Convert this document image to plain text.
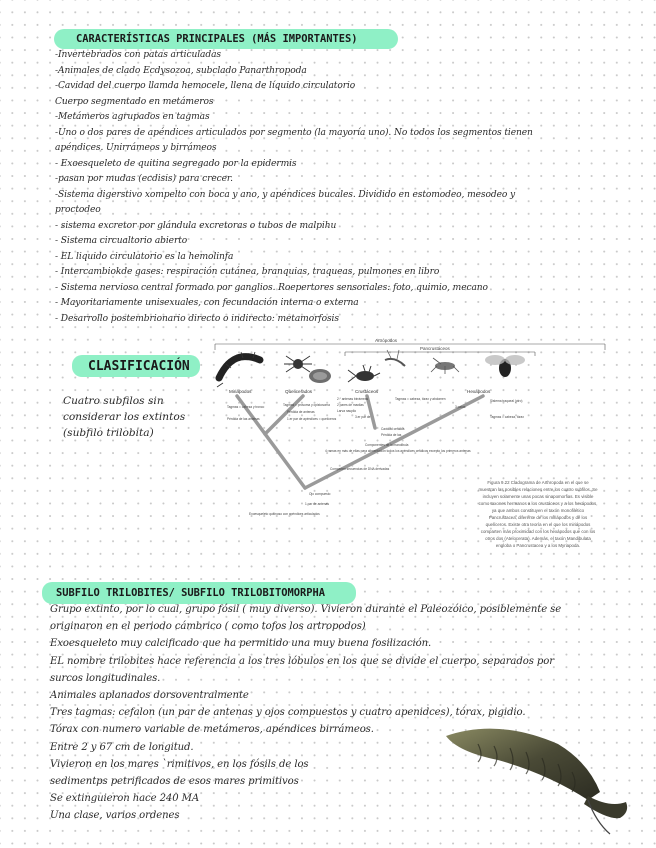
CARACTERÍSTICAS PRINCIPALES (MÁS IMPORTANTES)
-Invertebrados con patas articuladas
-Animales de clado Ecdysozoa, subclado Panarthropoda
-Cavidad del cuerpo llamda hemocele, llena de líquido circulatorio
Cuerpo segmentado en metámeros
-Metámeros agrupados en tagmas
-Uno o dos pares de apéndices articulados por segmento (la mayoría uno). No todos los segmentos tienen
apéndices. Unirrámeos y birrámeos
- Exoesqueleto de quitina segregado por la epidermis
-pasan por mudas (ecdisis) para crecer.
-Sistema digerstivo xompelto con boca y ano, y apéndices bucales. Dividido en estomodeo, mesodeo y
proctodeo
- sistema excretor por glándula excretoras o tubos de malpihu
- Sistema circualtorio abierto
- EL liquido circulatorio es la hemolinfa
- Intercambiokde gases: respiración cutánea, branquias, traqueas, pulmones en libro
- Sistema nervioso central formado por ganglios. Roepertores sensoriales: foto, quimio, mecano
- Mayoritariamente unisexuales, con fecundación interna o externa
- Desarrollo postembrionario directo o indirecto: metamorfosis
CLASIFICACIÓN
Cuatro subfilos sin
considerar los extintos
(subfilo trilobita)
Artrópodos
Pancrustáceos
Miriápodos	Quelicerados	Crustáceos	Hexápodos
Tagmas = cabeza y tronco
Pérdida de las antenas
Tagmas = prosoma y opistosoma
Pérdida de antenas
1.er par de apéndices = quelíceros
2.º antenas birrámeas
2 pares de maxilas
Larva nauplio
3.er par de
Tagmas = cabeza, tórax y abdomen
3 patas
Sistema traqueal (otro)
Tagmas = cabeza, tórax
Cavidad cefálica
Pérdida de las
Componentes de la mandíbula
4 ramas en más de ellas para alimentación todos los apéndices cefálicos excepto los primeros antenas
Comparten secuencias de DNA derivadas
Ojo compuesto
1.par de antenas
Exoesqueleto quitinoso con apéndices articulados
Figura 9.22 Cladograma de Arthropoda en el que se
muestran las posibles relaciones entre los cuatro subfilos. Se
incluyen solamente unas pocas sinapomorfias. Es visible
como taxones hermanos a los crustáceos y a los hexápodos,
ya que ambos constituyen el taxón monofilético
Pancrustacea, diferente de los miriápodos y de los
quelíceros. Existe otra teoría en el que los miriápodos
comparten más proximidad con los hexápodos que con los
otros dos (Atelocerata). Además, el taxón Mandibulata
engloba o Pancrustacea y a los Myriapoda.
SUBFILO TRILOBITES/ SUBFILO TRILOBITOMORPHA
Grupo extinto, por lo cual, grupo fósil ( muy diverso). Vivieron durante el Paleozóico, posiblemente se
originaron en el periodo cámbrico ( como tofos los artropodos)
Exoesqueleto muy calcificado que ha permitido una muy buena fosilización.
EL nombre trilobites hace referencia a los tres lóbulos en los que se divide el cuerpo, separados por
surcos longitudinales.
Animales aplanados dorsoventralmente
Tres tagmas: cefalon (un par de antenas y ojos compuestos y cuatro apenidces), tórax, pigidio.
Tórax con numero variable de metámeros, apéndices birrámeos.
Entre 2 y 67 cm de longitud.
Vivieron en los mares `rimitivos, en los fósils de los
sedimentps petrificados de esos mares primitivos
Se extinguieron hace 240 MA
Una clase, varios ordenes
